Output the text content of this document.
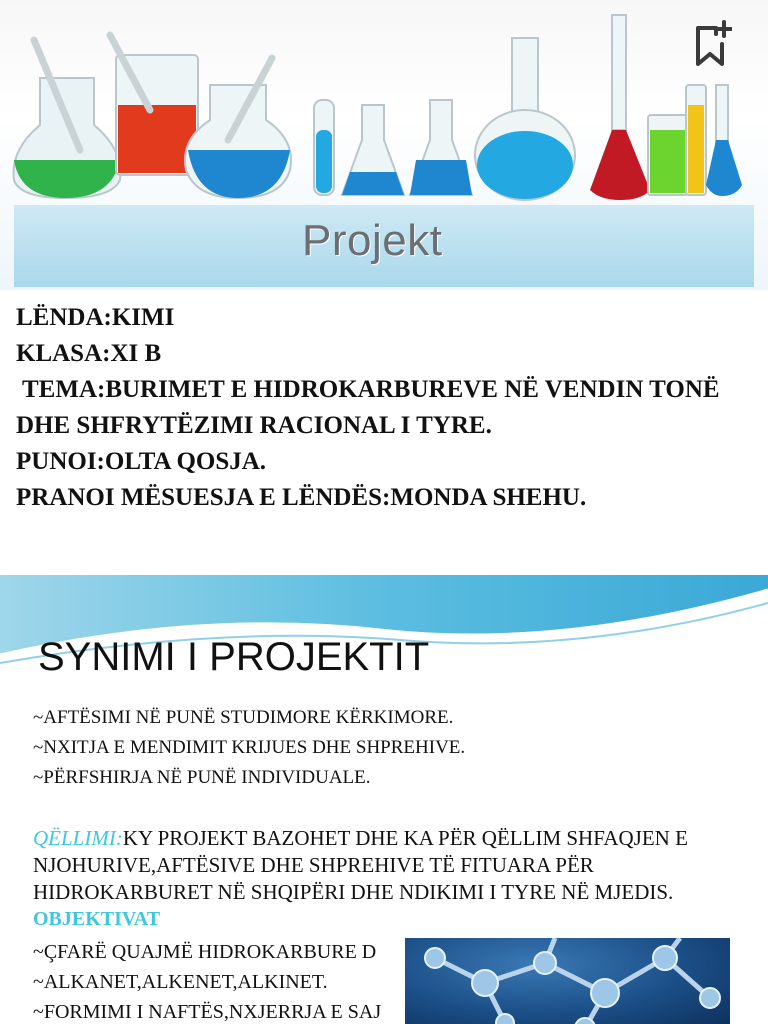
Projekt

LËNDA:KIMI

KLASA:XI B

TEMA:BURIMET E HIDROKARBUREVE NË VENDIN TONË DHE SHFRYTËZIMI RACIONAL I TYRE.

PUNOI:OLTA QOSJA.

PRANOI MËSUESJA E LËNDËS:MONDA SHEHU.

SYNIMI I PROJEKTIT

~AFTËSIMI NË PUNË STUDIMORE KËRKIMORE.

~NXITJA E MENDIMIT KRIJUES DHE SHPREHIVE.

~PËRFSHIRJA NË PUNË INDIVIDUALE.

QËLLIMI:KY PROJEKT BAZOHET DHE KA PËR QËLLIM SHFAQJEN E NJOHURIVE,AFTËSIVE DHE SHPREHIVE TË FITUARA PËR HIDROKARBURET NË SHQIPËRI DHE NDIKIMI I TYRE NË MJEDIS.

OBJEKTIVAT

~ÇFARË QUAJMË HIDROKARBURE D

~ALKANET,ALKENET,ALKINET.

~FORMIMI I NAFTËS,NXJERRJA E SAJ
